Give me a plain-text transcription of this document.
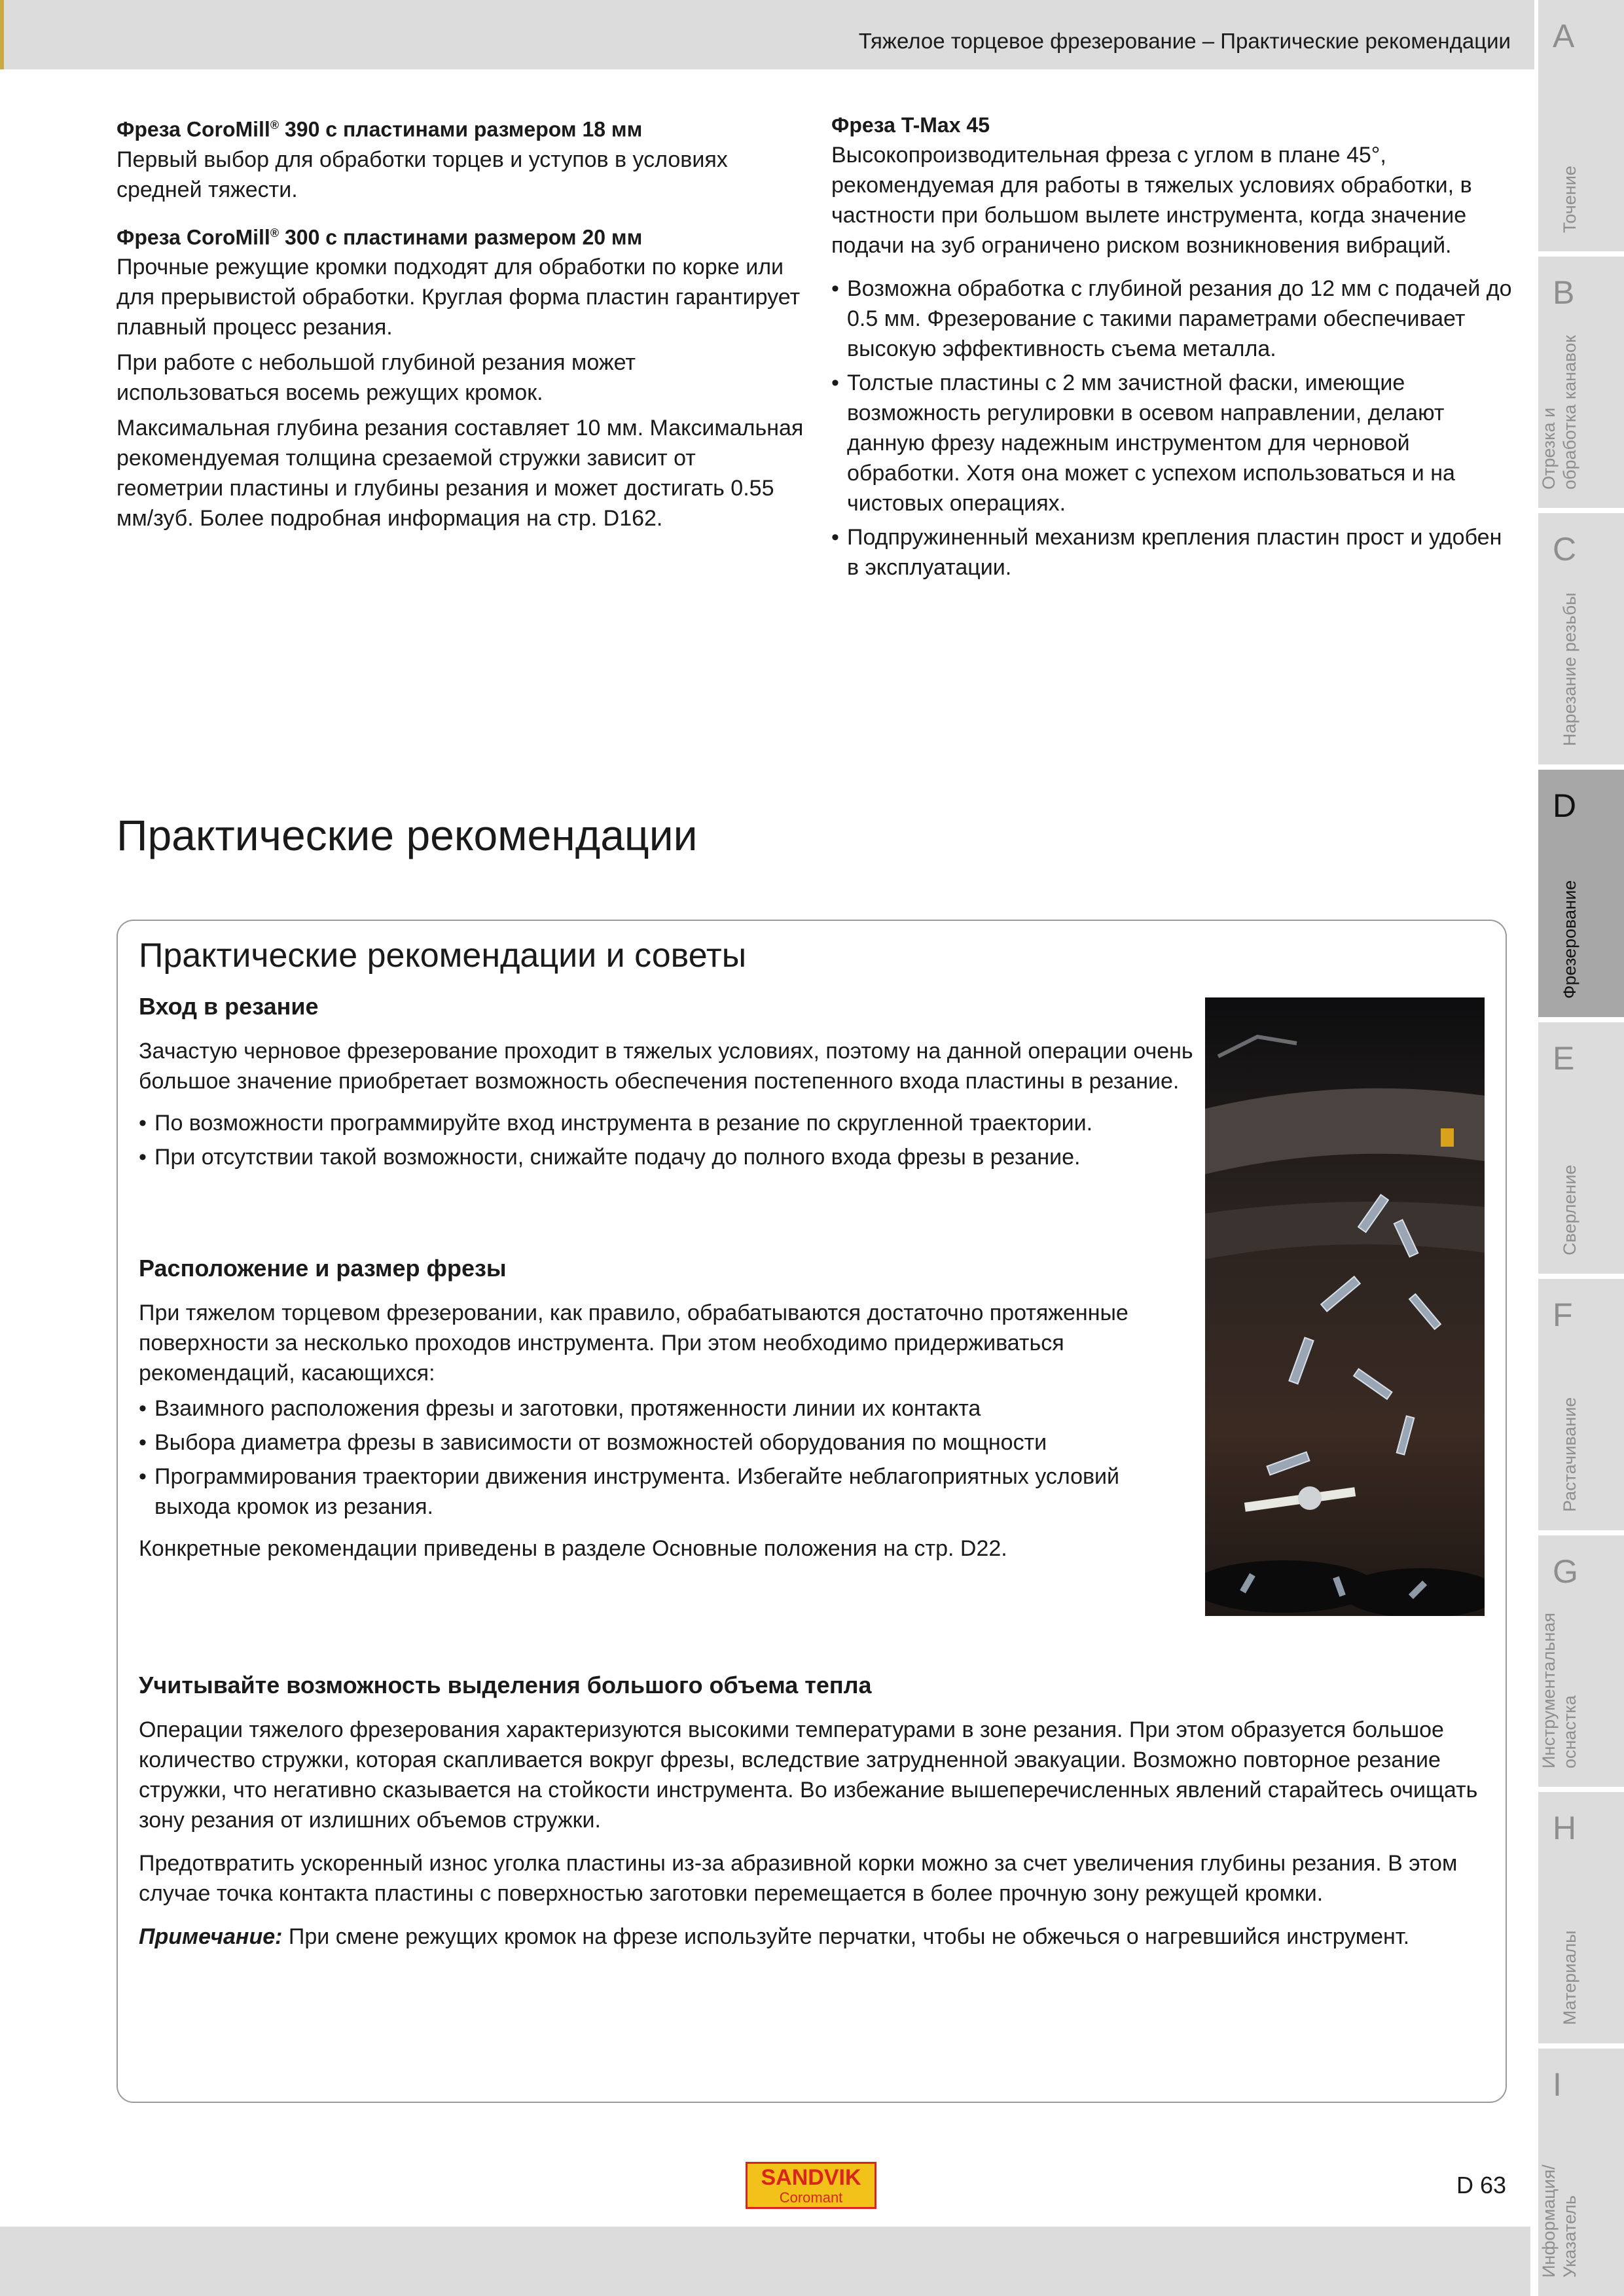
Тяжелое торцевое фрезерование – Практические рекомендации A
Точение
B
Отрезка и обработка канавок
C
Нарезание резьбы
D
Фрезерование
E
Сверление
F
Растачивание
G
Инструментальная оснастка
H
Материалы
I
Информация/ Указатель
Фреза CoroMill® 390 с пластинами размером 18 мм

Первый выбор для обработки торцев и уступов в условиях средней тяжести.

Фреза CoroMill® 300 с пластинами размером 20 мм

Прочные режущие кромки подходят для обработки по корке или для прерывистой обработки. Круглая форма пластин гарантирует плавный процесс резания.

При работе с небольшой глубиной резания может использоваться восемь режущих кромок.

Максимальная глубина резания составляет 10 мм. Максимальная рекомендуемая толщина срезаемой стружки зависит от геометрии пластины и глубины резания и может достигать 0.55 мм/зуб. Более подробная информация на стр. D162.

Фреза T-Max 45

Высокопроизводительная фреза с углом в плане 45°, рекомендуемая для работы в тяжелых условиях обработки, в частности при большом вылете инструмента, когда значение подачи на зуб ограничено риском возникновения вибраций.

• Возможна обработка с глубиной резания до 12 мм с подачей до 0.5 мм. Фрезерование с такими параметрами обеспечивает высокую эффективность съема металла.
• Толстые пластины с 2 мм зачистной фаски, имеющие возможность регулировки в осевом направлении, делают данную фрезу надежным инструментом для черновой обработки. Хотя она может с успехом использоваться и на чистовых операциях.
• Подпружиненный механизм крепления пластин прост и удобен в эксплуатации.
Практические рекомендации
Практические рекомендации и советы
Вход в резание

Зачастую черновое фрезерование проходит в тяжелых условиях, поэтому на данной операции очень большое значение приобретает возможность обеспечения постепенного входа пластины в резание.

• По возможности программируйте вход инструмента в резание по скругленной траектории.
• При отсутствии такой возможности, снижайте подачу до полного входа фрезы в резание.
Расположение и размер фрезы

При тяжелом торцевом фрезеровании, как правило, обрабатываются достаточно протяженные поверхности за несколько проходов инструмента. При этом необходимо придерживаться рекомендаций, касающихся:

• Взаимного расположения фрезы и заготовки, протяженности линии их контакта
• Выбора диаметра фрезы в зависимости от возможностей оборудования по мощности
• Программирования траектории движения инструмента. Избегайте неблагоприятных условий выхода кромок из резания.

Конкретные рекомендации приведены в разделе Основные положения на стр. D22.

Учитывайте возможность выделения большого объема тепла

Операции тяжелого фрезерования характеризуются высокими температурами в зоне резания. При этом образуется большое количество стружки, которая скапливается вокруг фрезы, вследствие затрудненной эвакуации. Возможно повторное резание стружки, что негативно сказывается на стойкости инструмента. Во избежание вышеперечисленных явлений старайтесь очищать зону резания от излишних объемов стружки.

Предотвратить ускоренный износ уголка пластины из-за абразивной корки можно за счет увеличения глубины резания. В этом случае точка контакта пластины с поверхностью заготовки перемещается в более прочную зону режущей кромки.

Примечание: При смене режущих кромок на фрезе используйте перчатки, чтобы не обжечься о нагревшийся инструмент.

SANDVIK
Coromant	D 63
